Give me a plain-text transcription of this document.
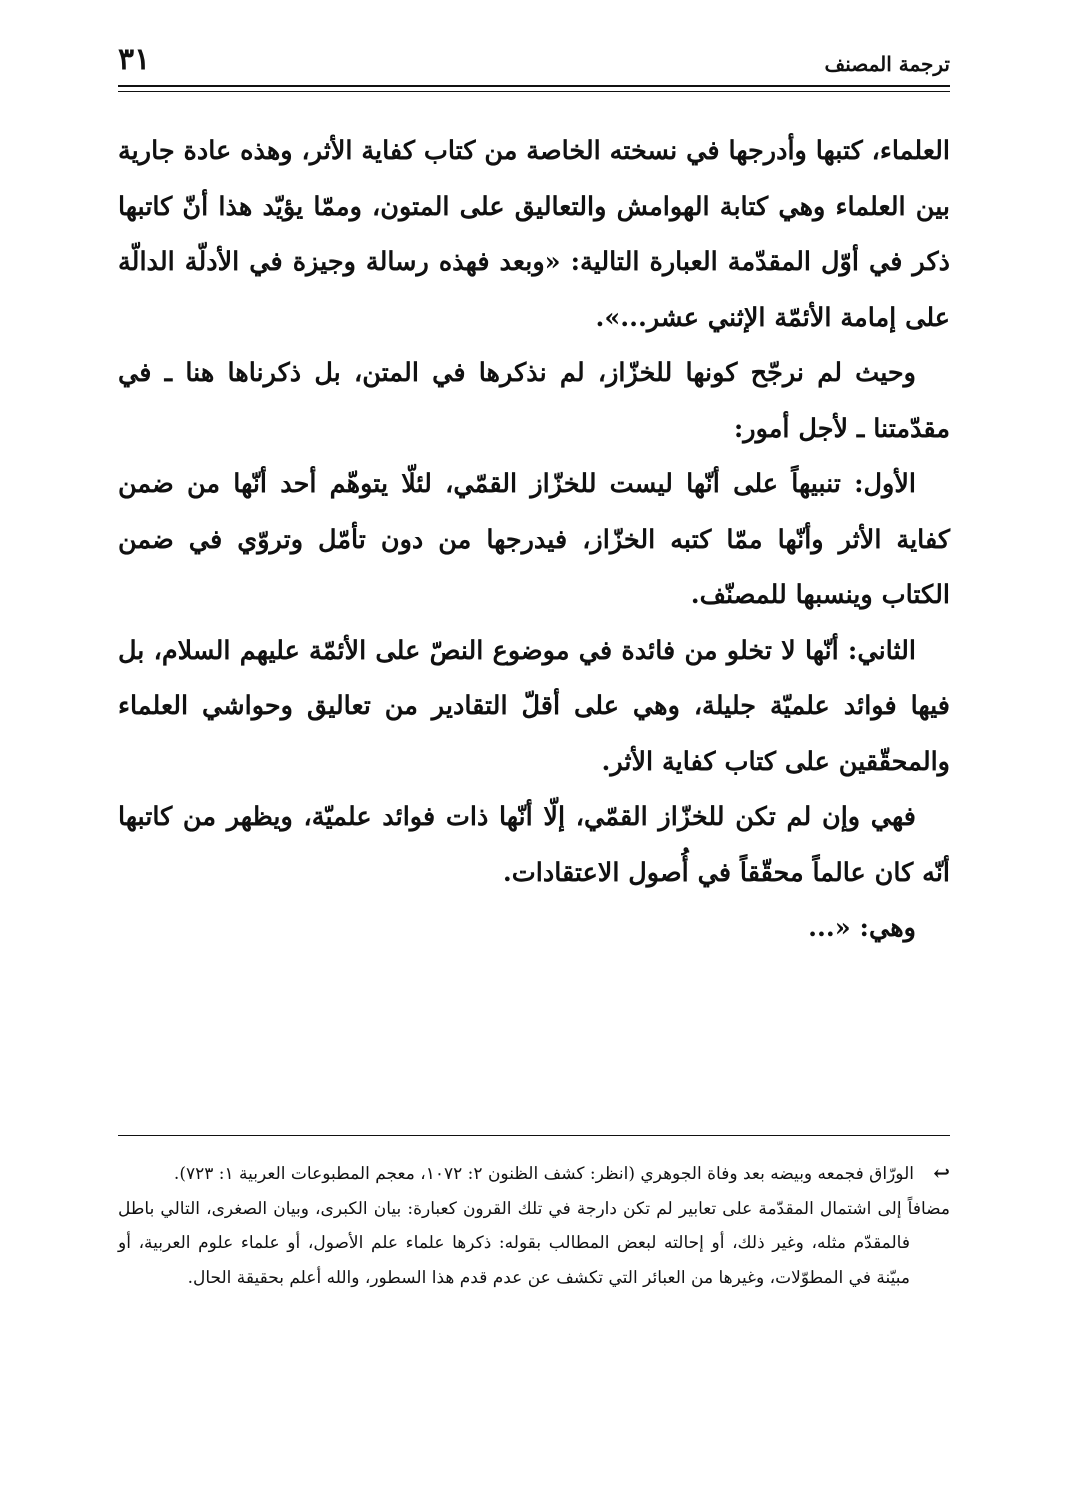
ترجمة المصنف
٣١

العلماء، كتبها وأدرجها في نسخته الخاصة من كتاب كفاية الأثر، وهذه عادة جارية بين العلماء وهي كتابة الهوامش والتعاليق على المتون، وممّا يؤيّد هذا أنّ كاتبها ذكر في أوّل المقدّمة العبارة التالية: «وبعد فهذه رسالة وجيزة في الأدلّة الدالّة على إمامة الأئمّة الإثني عشر...».

وحيث لم نرجّح كونها للخزّاز، لم نذكرها في المتن، بل ذكرناها هنا ـ في مقدّمتنا ـ لأجل أمور:

الأول: تنبيهاً على أنّها ليست للخزّاز القمّي، لئلّا يتوهّم أحد أنّها من ضمن كفاية الأثر وأنّها ممّا كتبه الخزّاز، فيدرجها من دون تأمّل وتروّي في ضمن الكتاب وينسبها للمصنّف.

الثاني: أنّها لا تخلو من فائدة في موضوع النصّ على الأئمّة عليهم السلام، بل فيها فوائد علميّة جليلة، وهي على أقلّ التقادير من تعاليق وحواشي العلماء والمحقّقين على كتاب كفاية الأثر.

فهي وإن لم تكن للخزّاز القمّي، إلّا أنّها ذات فوائد علميّة، ويظهر من كاتبها أنّه كان عالماً محقّقاً في أُصول الاعتقادات.

وهي: «...

↩الورّاق فجمعه وبيضه بعد وفاة الجوهري (انظر: كشف الظنون ٢: ١٠٧٢، معجم المطبوعات العربية ١: ٧٢٣).

مضافاً إلى اشتمال المقدّمة على تعابير لم تكن دارجة في تلك القرون كعبارة: بيان الكبرى، وبيان الصغرى، التالي باطل فالمقدّم مثله، وغير ذلك، أو إحالته لبعض المطالب بقوله: ذكرها علماء علم الأصول، أو علماء علوم العربية، أو مبيّنة في المطوّلات، وغيرها من العبائر التي تكشف عن عدم قدم هذا السطور، والله أعلم بحقيقة الحال.
